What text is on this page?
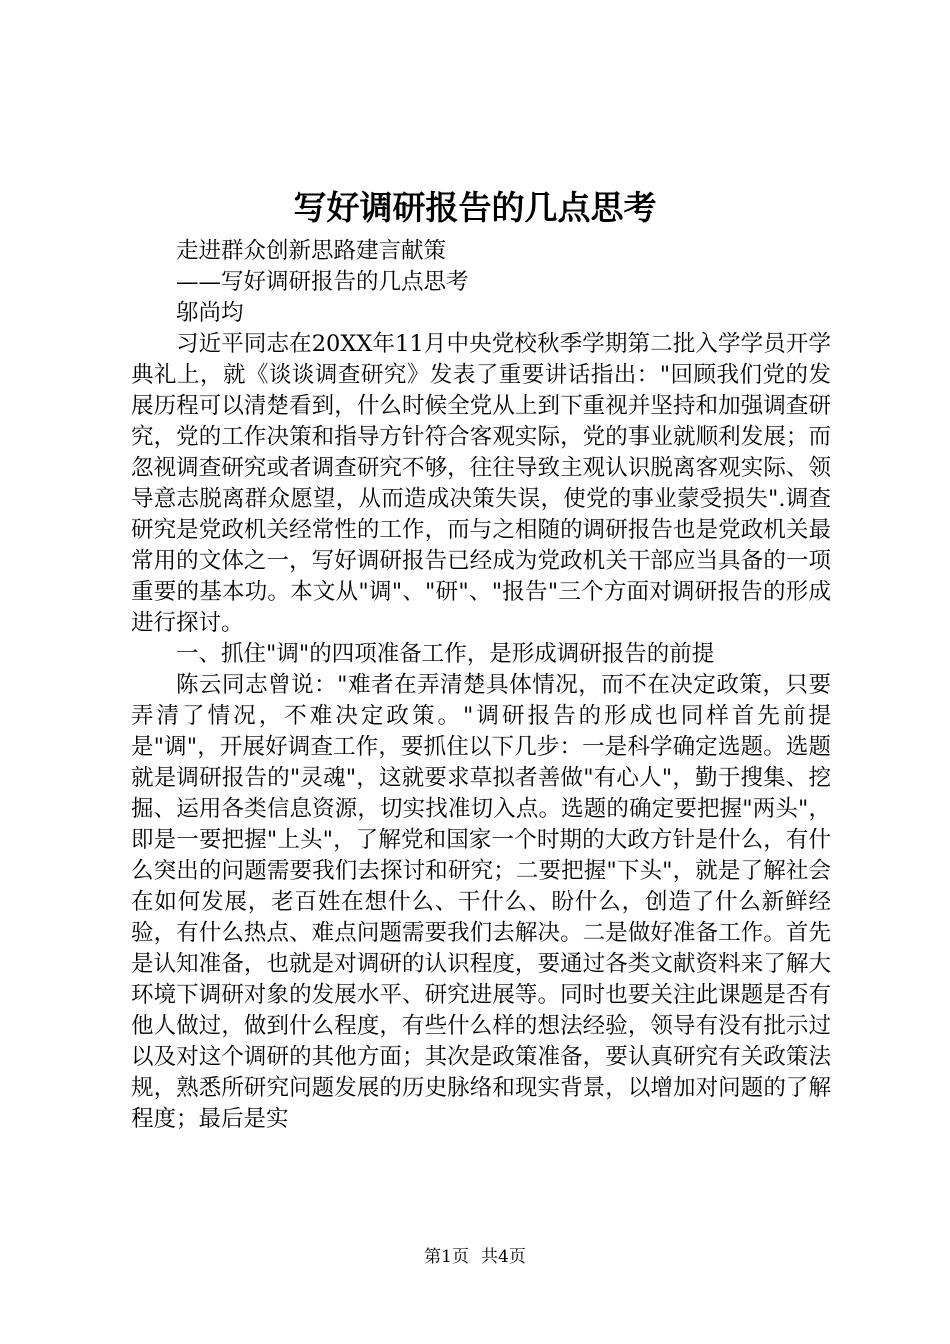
写好调研报告的几点思考

走进群众创新思路建言献策

——写好调研报告的几点思考

邬尚均

习近平同志在20XX年11月中央党校秋季学期第二批入学学员开学典礼上，就《谈谈调查研究》发表了重要讲话指出："回顾我们党的发展历程可以清楚看到，什么时候全党从上到下重视并坚持和加强调查研究，党的工作决策和指导方针符合客观实际，党的事业就顺利发展；而忽视调查研究或者调查研究不够，往往导致主观认识脱离客观实际、领导意志脱离群众愿望，从而造成决策失误，使党的事业蒙受损失".调查研究是党政机关经常性的工作，而与之相随的调研报告也是党政机关最常用的文体之一，写好调研报告已经成为党政机关干部应当具备的一项重要的基本功。本文从"调"、"研"、"报告"三个方面对调研报告的形成进行探讨。

一、抓住"调"的四项准备工作，是形成调研报告的前提

陈云同志曾说："难者在弄清楚具体情况，而不在决定政策，只要弄清了情况，不难决定政策。"调研报告的形成也同样首先前提是"调"，开展好调查工作，要抓住以下几步：一是科学确定选题。选题就是调研报告的"灵魂"，这就要求草拟者善做"有心人"，勤于搜集、挖掘、运用各类信息资源，切实找准切入点。选题的确定要把握"两头"，即是一要把握"上头"，了解党和国家一个时期的大政方针是什么，有什么突出的问题需要我们去探讨和研究；二要把握"下头"，就是了解社会在如何发展，老百姓在想什么、干什么、盼什么，创造了什么新鲜经验，有什么热点、难点问题需要我们去解决。二是做好准备工作。首先是认知准备，也就是对调研的认识程度，要通过各类文献资料来了解大环境下调研对象的发展水平、研究进展等。同时也要关注此课题是否有他人做过，做到什么程度，有些什么样的想法经验，领导有没有批示过以及对这个调研的其他方面；其次是政策准备，要认真研究有关政策法规，熟悉所研究问题发展的历史脉络和现实背景，以增加对问题的了解程度；最后是实

第1页 共4页
